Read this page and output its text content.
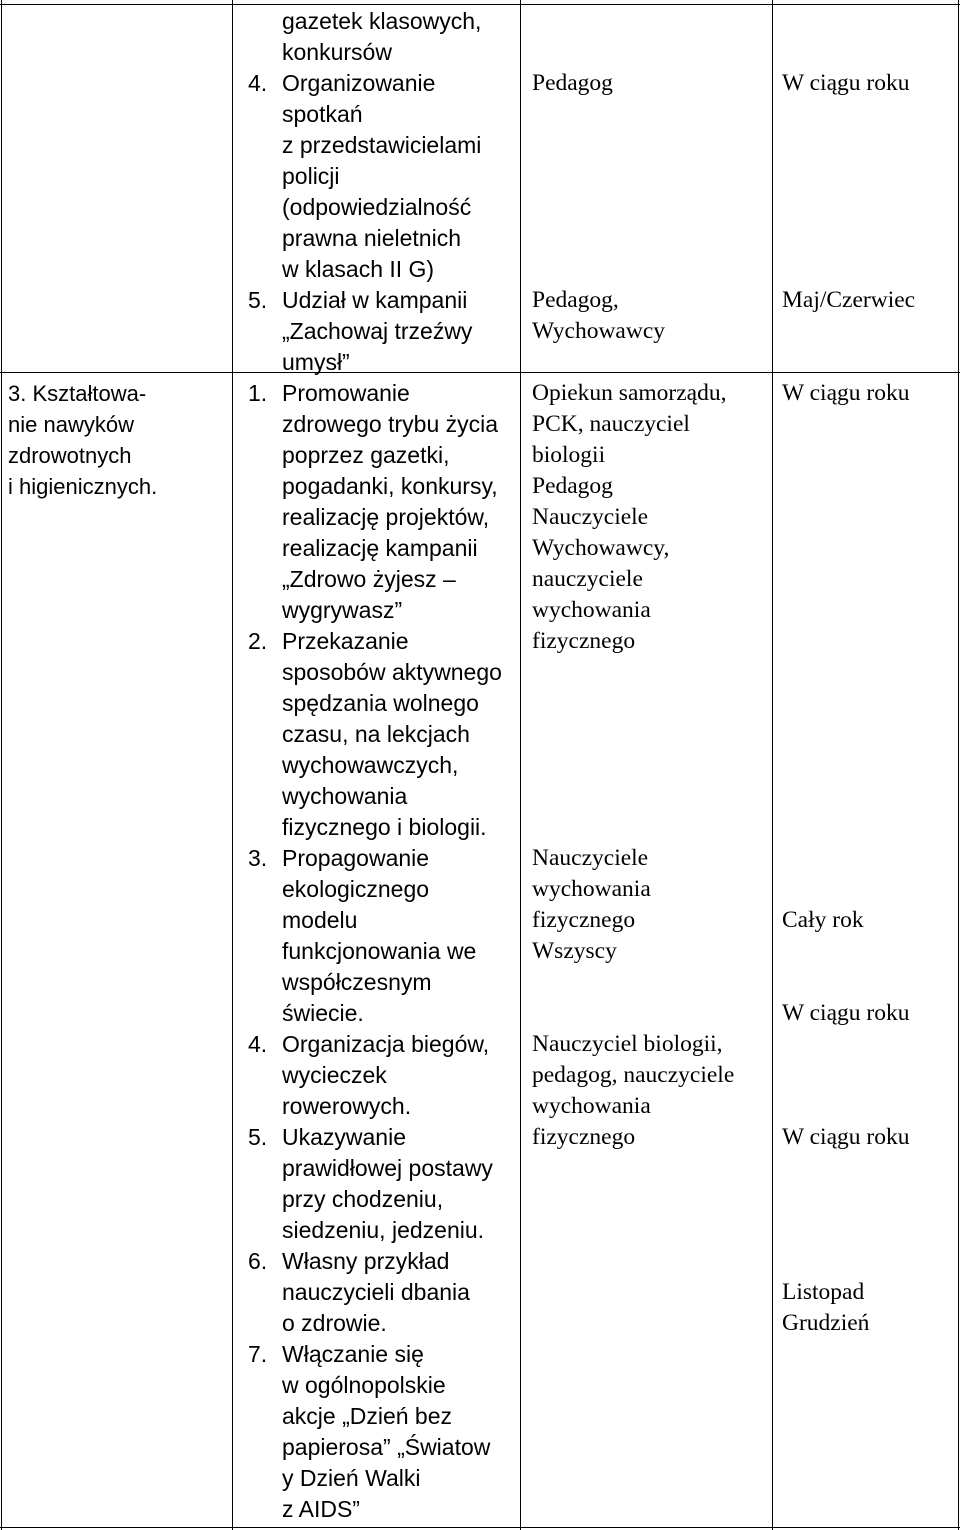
3. Kształtowa-
nie nawyków
zdrowotnych
i higienicznych.
gazetek klasowych,
konkursów
4. Organizowanie
spotkań
z przedstawicielami
policji
(odpowiedzialność
prawna nieletnich
w klasach II G)
5. Udział w kampanii
„Zachowaj trzeźwy
umysł”
1. Promowanie
zdrowego trybu życia
poprzez gazetki,
pogadanki, konkursy,
realizację projektów,
realizację kampanii
„Zdrowo żyjesz –
wygrywasz”
2. Przekazanie
sposobów aktywnego
spędzania wolnego
czasu, na lekcjach
wychowawczych,
wychowania
fizycznego i biologii.
3. Propagowanie
ekologicznego
modelu
funkcjonowania we
współczesnym
świecie.
4. Organizacja biegów,
wycieczek
rowerowych.
5. Ukazywanie
prawidłowej postawy
przy chodzeniu,
siedzeniu, jedzeniu.
6. Własny przykład
nauczycieli dbania
o zdrowie.
7. Włączanie się
w ogólnopolskie
akcje „Dzień bez
papierosa” „Światow
y Dzień Walki
z AIDS”
Pedagog
Pedagog,
Wychowawcy
Opiekun samorządu,
PCK, nauczyciel
biologii
Pedagog
Nauczyciele
Wychowawcy,
nauczyciele
wychowania
fizycznego
Nauczyciele
wychowania
fizycznego
Wszyscy
Nauczyciel biologii,
pedagog, nauczyciele
wychowania
fizycznego
W ciągu roku
Maj/Czerwiec
W ciągu roku
Cały rok
W ciągu roku
W ciągu roku
Listopad
Grudzień
